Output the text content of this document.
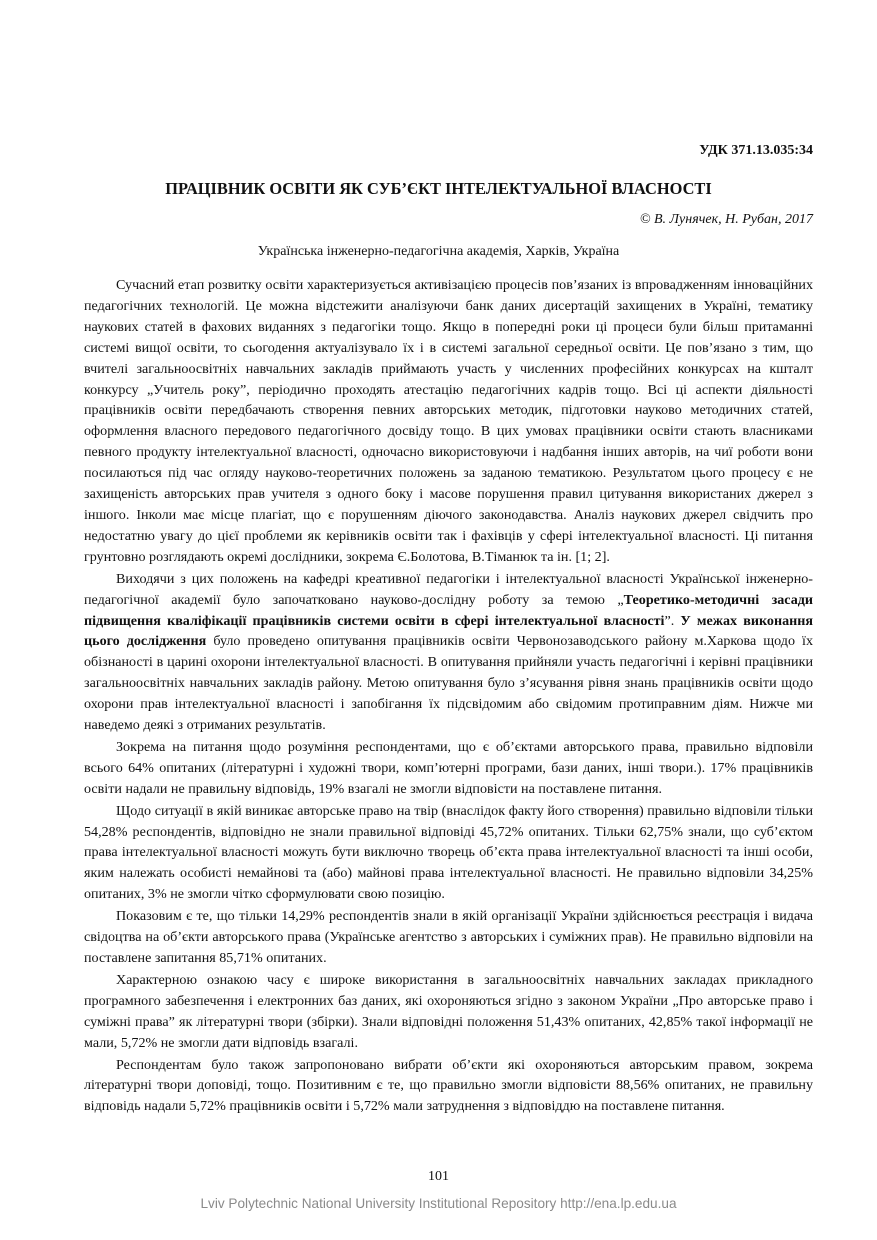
УДК 371.13.035:34

ПРАЦІВНИК ОСВІТИ ЯК СУБ’ЄКТ ІНТЕЛЕКТУАЛЬНОЇ ВЛАСНОСТІ

© В. Лунячек, Н. Рубан, 2017

Українська інженерно-педагогічна академія, Харків, Україна

Сучасний етап розвитку освіти характеризується активізацією процесів пов’язаних із впровадженням інноваційних педагогічних технологій. Це можна відстежити аналізуючи банк даних дисертацій захищених в Україні, тематику наукових статей в фахових виданнях з педагогіки тощо. Якщо в попередні роки ці процеси були більш притаманні системі вищої освіти, то сьогодення актуалізувало їх і в системі загальної середньої освіти. Це пов’язано з тим, що вчителі загальноосвітніх навчальних закладів приймають участь у численних професійних конкурсах на кшталт конкурсу „Учитель року”, періодично проходять атестацію педагогічних кадрів тощо. Всі ці аспекти діяльності працівників освіти передбачають створення певних авторських методик, підготовки науково методичних статей, оформлення власного передового педагогічного досвіду тощо. В цих умовах працівники освіти стають власниками певного продукту інтелектуальної власності, одночасно використовуючи і надбання інших авторів, на чиї роботи вони посилаються під час огляду науково-теоретичних положень за заданою тематикою. Результатом цього процесу є не захищеність авторських прав учителя з одного боку і масове порушення правил цитування використаних джерел з іншого. Інколи має місце плагіат, що є порушенням діючого законодавства. Аналіз наукових джерел свідчить про недостатню увагу до цієї проблеми як керівників освіти так і фахівців у сфері інтелектуальної власності. Ці питання грунтовно розглядають окремі дослідники, зокрема Є.Болотова, В.Тіманюк та ін. [1; 2].

Виходячи з цих положень на кафедрі креативної педагогіки і інтелектуальної власності Української інженерно-педагогічної академії було започатковано науково-дослідну роботу за темою „Теоретико-методичні засади підвищення кваліфікації працівників системи освіти в сфері інтелектуальної власності”. У межах виконання цього дослідження було проведено опитування працівників освіти Червонозаводського району м.Харкова щодо їх обізнаності в царині охорони інтелектуальної власності. В опитування прийняли участь педагогічні і керівні працівники загальноосвітніх навчальних закладів району. Метою опитування було з’ясування рівня знань працівників освіти щодо охорони прав інтелектуальної власності і запобігання їх підсвідомим або свідомим протиправним діям. Нижче ми наведемо деякі з отриманих результатів.

Зокрема на питання щодо розуміння респондентами, що є об’єктами авторського права, правильно відповіли всього 64% опитаних (літературні і художні твори, комп’ютерні програми, бази даних, інші твори.). 17% працівників освіти надали не правильну відповідь, 19% взагалі не змогли відповісти на поставлене питання.

Щодо ситуації в якій виникає авторське право на твір (внаслідок факту його створення) правильно відповіли тільки 54,28% респондентів, відповідно не знали правильної відповіді 45,72% опитаних. Тільки 62,75% знали, що суб’єктом права інтелектуальної власності можуть бути виключно творець об’єкта права інтелектуальної власності та інші особи, яким належать особисті немайнові та (або) майнові права інтелектуальної власності. Не правильно відповіли 34,25% опитаних, 3% не змогли чітко сформулювати свою позицію.

Показовим є те, що тільки 14,29% респондентів знали в якій організації України здійснюється реєстрація і видача свідоцтва на об’єкти авторського права (Українське агентство з авторських і суміжних прав). Не правильно відповіли на поставлене запитання 85,71% опитаних.

Характерною ознакою часу є широке використання в загальноосвітніх навчальних закладах прикладного програмного забезпечення і електронних баз даних, які охороняються згідно з законом України „Про авторське право і суміжні права” як літературні твори (збірки). Знали відповідні положення 51,43% опитаних, 42,85% такої інформації не мали, 5,72% не змогли дати відповідь взагалі.

Респондентам було також запропоновано вибрати об’єкти які охороняються авторським правом, зокрема літературні твори доповіді, тощо. Позитивним є те, що правильно змогли відповісти 88,56% опитаних, не правильну відповідь надали 5,72% працівників освіти і 5,72% мали затруднення з відповіддю на поставлене питання.

101

Lviv Polytechnic National University Institutional Repository http://ena.lp.edu.ua
